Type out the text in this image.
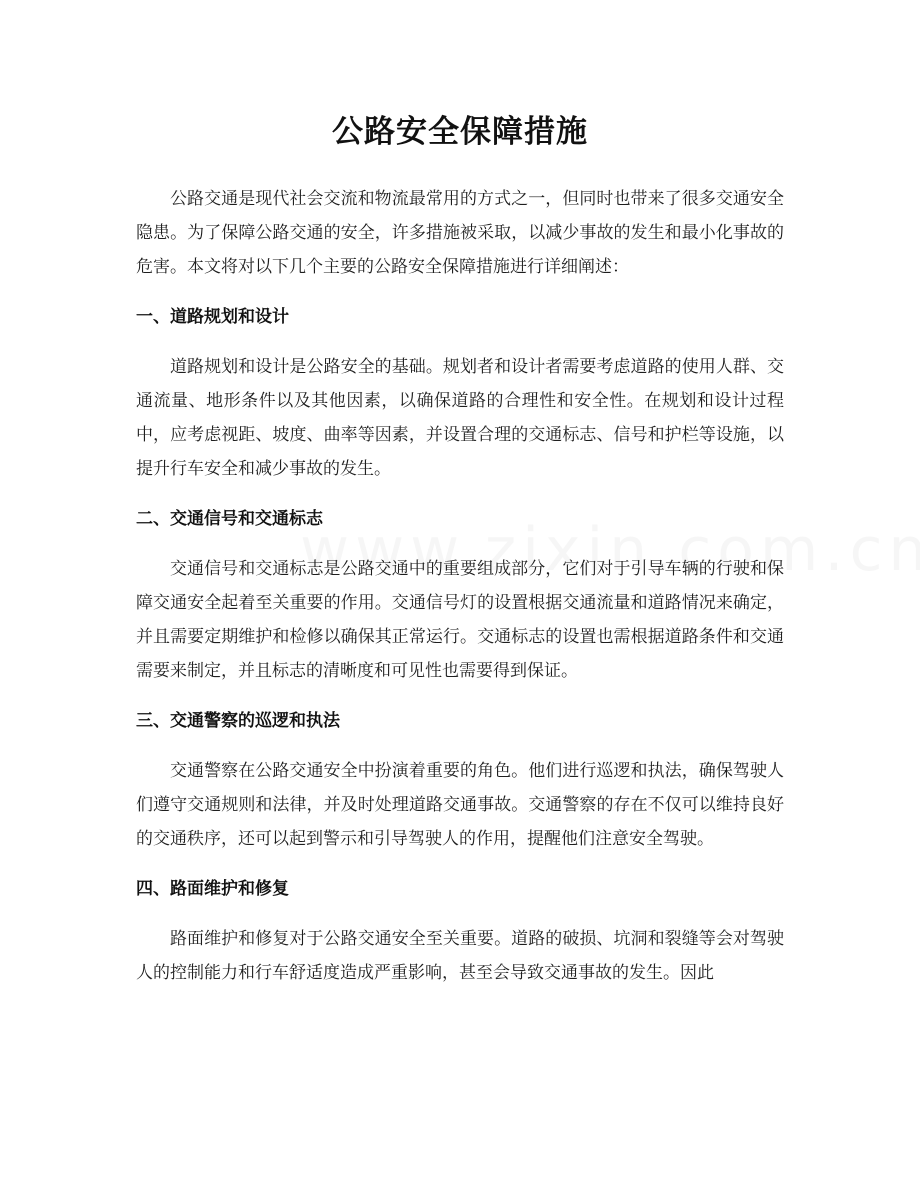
公路安全保障措施

公路交通是现代社会交流和物流最常用的方式之一，但同时也带来了很多交通安全隐患。为了保障公路交通的安全，许多措施被采取，以减少事故的发生和最小化事故的危害。本文将对以下几个主要的公路安全保障措施进行详细阐述：

一、道路规划和设计

道路规划和设计是公路安全的基础。规划者和设计者需要考虑道路的使用人群、交通流量、地形条件以及其他因素，以确保道路的合理性和安全性。在规划和设计过程中，应考虑视距、坡度、曲率等因素，并设置合理的交通标志、信号和护栏等设施，以提升行车安全和减少事故的发生。

二、交通信号和交通标志

交通信号和交通标志是公路交通中的重要组成部分，它们对于引导车辆的行驶和保障交通安全起着至关重要的作用。交通信号灯的设置根据交通流量和道路情况来确定，并且需要定期维护和检修以确保其正常运行。交通标志的设置也需根据道路条件和交通需要来制定，并且标志的清晰度和可见性也需要得到保证。

三、交通警察的巡逻和执法

交通警察在公路交通安全中扮演着重要的角色。他们进行巡逻和执法，确保驾驶人们遵守交通规则和法律，并及时处理道路交通事故。交通警察的存在不仅可以维持良好的交通秩序，还可以起到警示和引导驾驶人的作用，提醒他们注意安全驾驶。

四、路面维护和修复

路面维护和修复对于公路交通安全至关重要。道路的破损、坑洞和裂缝等会对驾驶人的控制能力和行车舒适度造成严重影响，甚至会导致交通事故的发生。因此
